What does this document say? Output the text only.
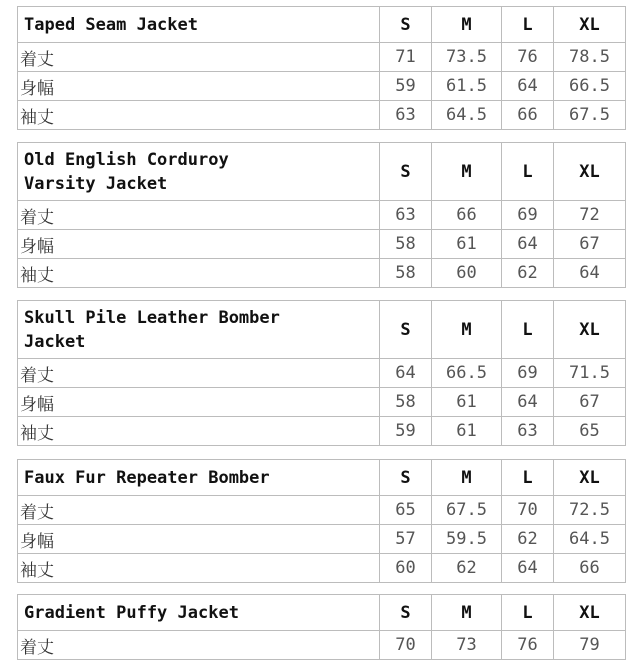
Taped Seam Jacket	S	M	L	XL
着丈	71	73.5	76	78.5
身幅	59	61.5	64	66.5
袖丈	63	64.5	66	67.5
Old English Corduroy
Varsity Jacket	S	M	L	XL
着丈	63	66	69	72
身幅	58	61	64	67
袖丈	58	60	62	64
Skull Pile Leather Bomber
Jacket	S	M	L	XL
着丈	64	66.5	69	71.5
身幅	58	61	64	67
袖丈	59	61	63	65
Faux Fur Repeater Bomber	S	M	L	XL
着丈	65	67.5	70	72.5
身幅	57	59.5	62	64.5
袖丈	60	62	64	66
Gradient Puffy Jacket	S	M	L	XL
着丈	70	73	76	79
